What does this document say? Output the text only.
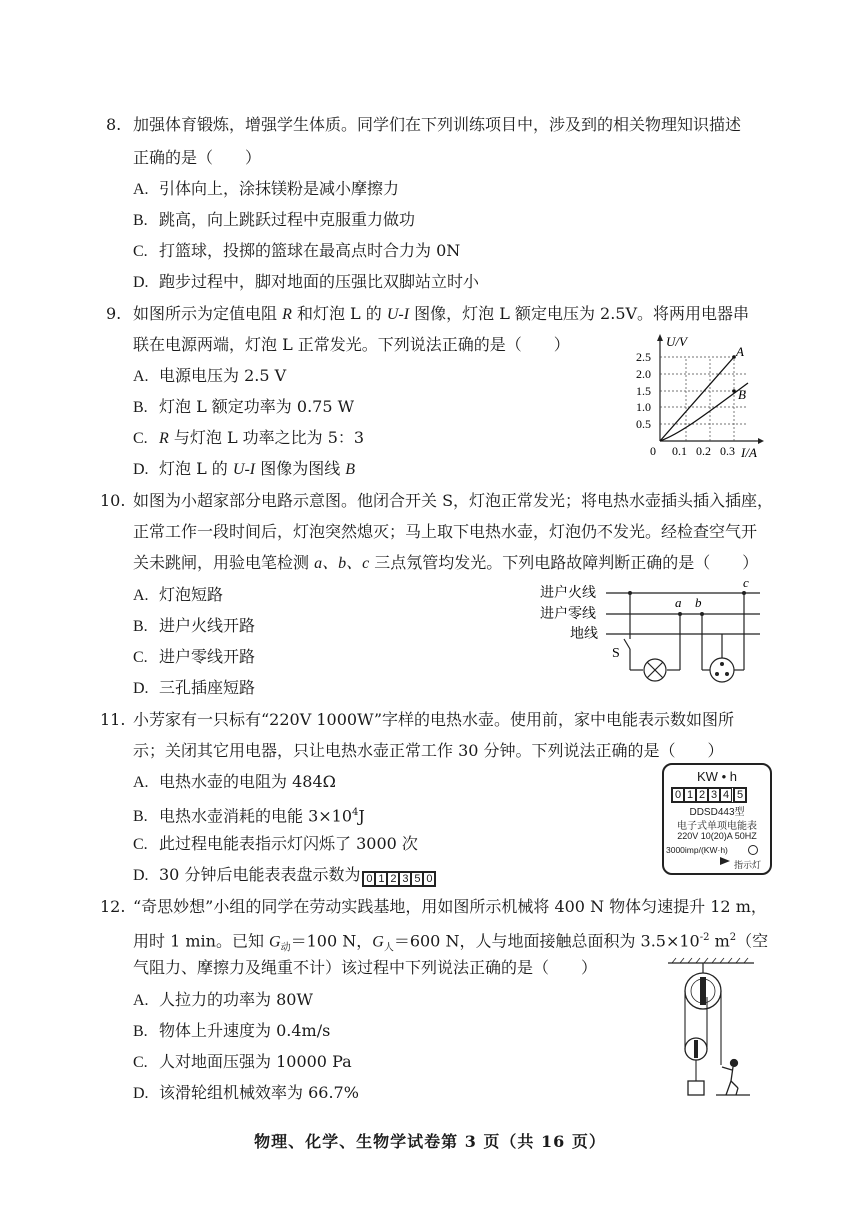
8. 加强体育锻炼，增强学生体质。同学们在下列训练项目中，涉及到的相关物理知识描述
正确的是（　　）
A. 引体向上，涂抹镁粉是减小摩擦力
B. 跳高，向上跳跃过程中克服重力做功
C. 打篮球，投掷的篮球在最高点时合力为 0N
D. 跑步过程中，脚对地面的压强比双脚站立时小
9. 如图所示为定值电阻 R 和灯泡 L 的 U-I 图像，灯泡 L 额定电压为 2.5V。将两用电器串
联在电源两端，灯泡 L 正常发光。下列说法正确的是（　　）
A. 电源电压为 2.5 V
B. 灯泡 L 额定功率为 0.75 W
C. R 与灯泡 L 功率之比为 5：3
D. 灯泡 L 的 U-I 图像为图线 B
U/V
I/A
0
0.5
1.0
1.5
2.0
2.5
0.1 0.2 0.3
A
B
10. 如图为小超家部分电路示意图。他闭合开关 S，灯泡正常发光；将电热水壶插头插入插座，
正常工作一段时间后，灯泡突然熄灭；马上取下电热水壶，灯泡仍不发光。经检查空气开
关未跳闸，用验电笔检测 a、b、c 三点氖管均发光。下列电路故障判断正确的是（　　）
A. 灯泡短路
B. 进户火线开路
C. 进户零线开路
D. 三孔插座短路
进户火线
进户零线
地线
S
a b
c
11. 小芳家有一只标有“220V 1000W”字样的电热水壶。使用前，家中电能表示数如图所
示；关闭其它用电器，只让电热水壶正常工作 30 分钟。下列说法正确的是（　　）
A. 电热水壶的电阻为 484Ω
B. 电热水壶消耗的电能 $3\times 10^4J$
C. 此过程电能表指示灯闪烁了 3000 次
D. 30 分钟后电能表表盘示数为 0 1 2 3 5 0
KW • h
0 1 2 3 4 5
DDSD443型
电子式单项电能表
220V 10(20)A 50HZ
3000imp/(KW·h)
指示灯
12. “奇思妙想”小组的同学在劳动实践基地，用如图所示机械将 400 N 物体匀速提升 12 m，
用时 1 min。已知 $G_动=100$ N，$G_人=600$ N，人与地面接触总面积为 $3.5\times 10^{-2}$ $m^2$（空
气阻力、摩擦力及绳重不计）该过程中下列说法正确的是（　　）
A. 人拉力的功率为 80W
B. 物体上升速度为 0.4m/s
C. 人对地面压强为 10000 Pa
D. 该滑轮组机械效率为 66.7%
物理、化学、生物学试卷第 3 页（共 16 页）
